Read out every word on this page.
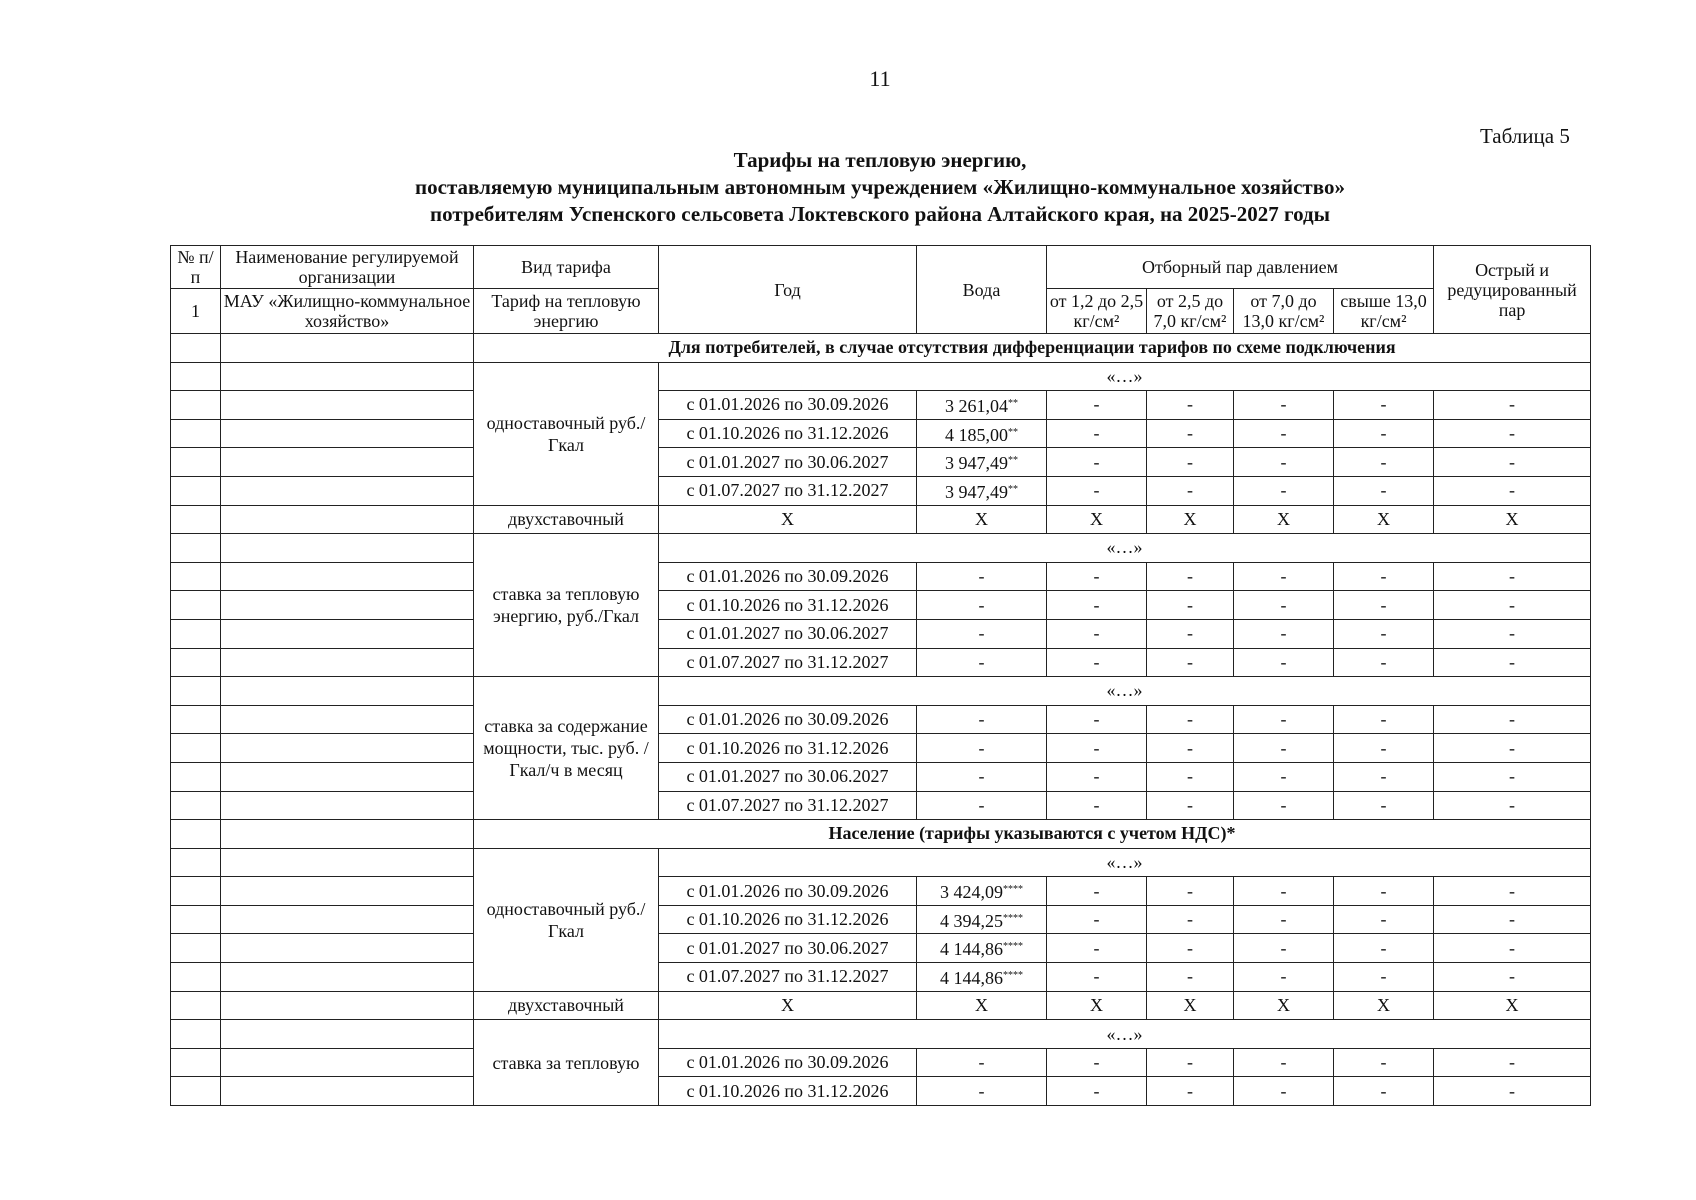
11
Таблица 5
Тарифы на тепловую энергию,
поставляемую муниципальным автономным учреждением «Жилищно-коммунальное хозяйство»
потребителям Успенского сельсовета Локтевского района Алтайского края, на 2025-2027 годы
№ п/п	Наименование регулируемой организации	Вид тарифа	Год	Вода	Отборный пар давлением				Острый и редуцированный пар
1	МАУ «Жилищно-коммунальное хозяйство»	Тариф на тепловую энергию			от 1,2 до 2,5 кг/см²	от 2,5 до 7,0 кг/см²	от 7,0 до 13,0 кг/см²	свыше 13,0 кг/см²	
		Для потребителей, в случае отсутствия дифференциации тарифов по схеме подключения							
		одноставочный руб./Гкал	«…»						
			с 01.01.2026 по 30.09.2026	3 261,04**	-	-	-	-	-
			с 01.10.2026 по 31.12.2026	4 185,00**	-	-	-	-	-
			с 01.01.2027 по 30.06.2027	3 947,49**	-	-	-	-	-
			с 01.07.2027 по 31.12.2027	3 947,49**	-	-	-	-	-
		двухставочный	X	X	X	X	X	X	X
		ставка за тепловую энергию, руб./Гкал	«…»						
			с 01.01.2026 по 30.09.2026	-	-	-	-	-	-
			с 01.10.2026 по 31.12.2026	-	-	-	-	-	-
			с 01.01.2027 по 30.06.2027	-	-	-	-	-	-
			с 01.07.2027 по 31.12.2027	-	-	-	-	-	-
		ставка за содержание мощности, тыс. руб. /Гкал/ч в месяц	«…»						
			с 01.01.2026 по 30.09.2026	-	-	-	-	-	-
			с 01.10.2026 по 31.12.2026	-	-	-	-	-	-
			с 01.01.2027 по 30.06.2027	-	-	-	-	-	-
			с 01.07.2027 по 31.12.2027	-	-	-	-	-	-
		Население (тарифы указываются с учетом НДС)*							
		одноставочный руб./Гкал	«…»						
			с 01.01.2026 по 30.09.2026	3 424,09****	-	-	-	-	-
			с 01.10.2026 по 31.12.2026	4 394,25****	-	-	-	-	-
			с 01.01.2027 по 30.06.2027	4 144,86****	-	-	-	-	-
			с 01.07.2027 по 31.12.2027	4 144,86****	-	-	-	-	-
		двухставочный	X	X	X	X	X	X	X
		ставка за тепловую	«…»						
			с 01.01.2026 по 30.09.2026	-	-	-	-	-	-
			с 01.10.2026 по 31.12.2026	-	-	-	-	-	-
